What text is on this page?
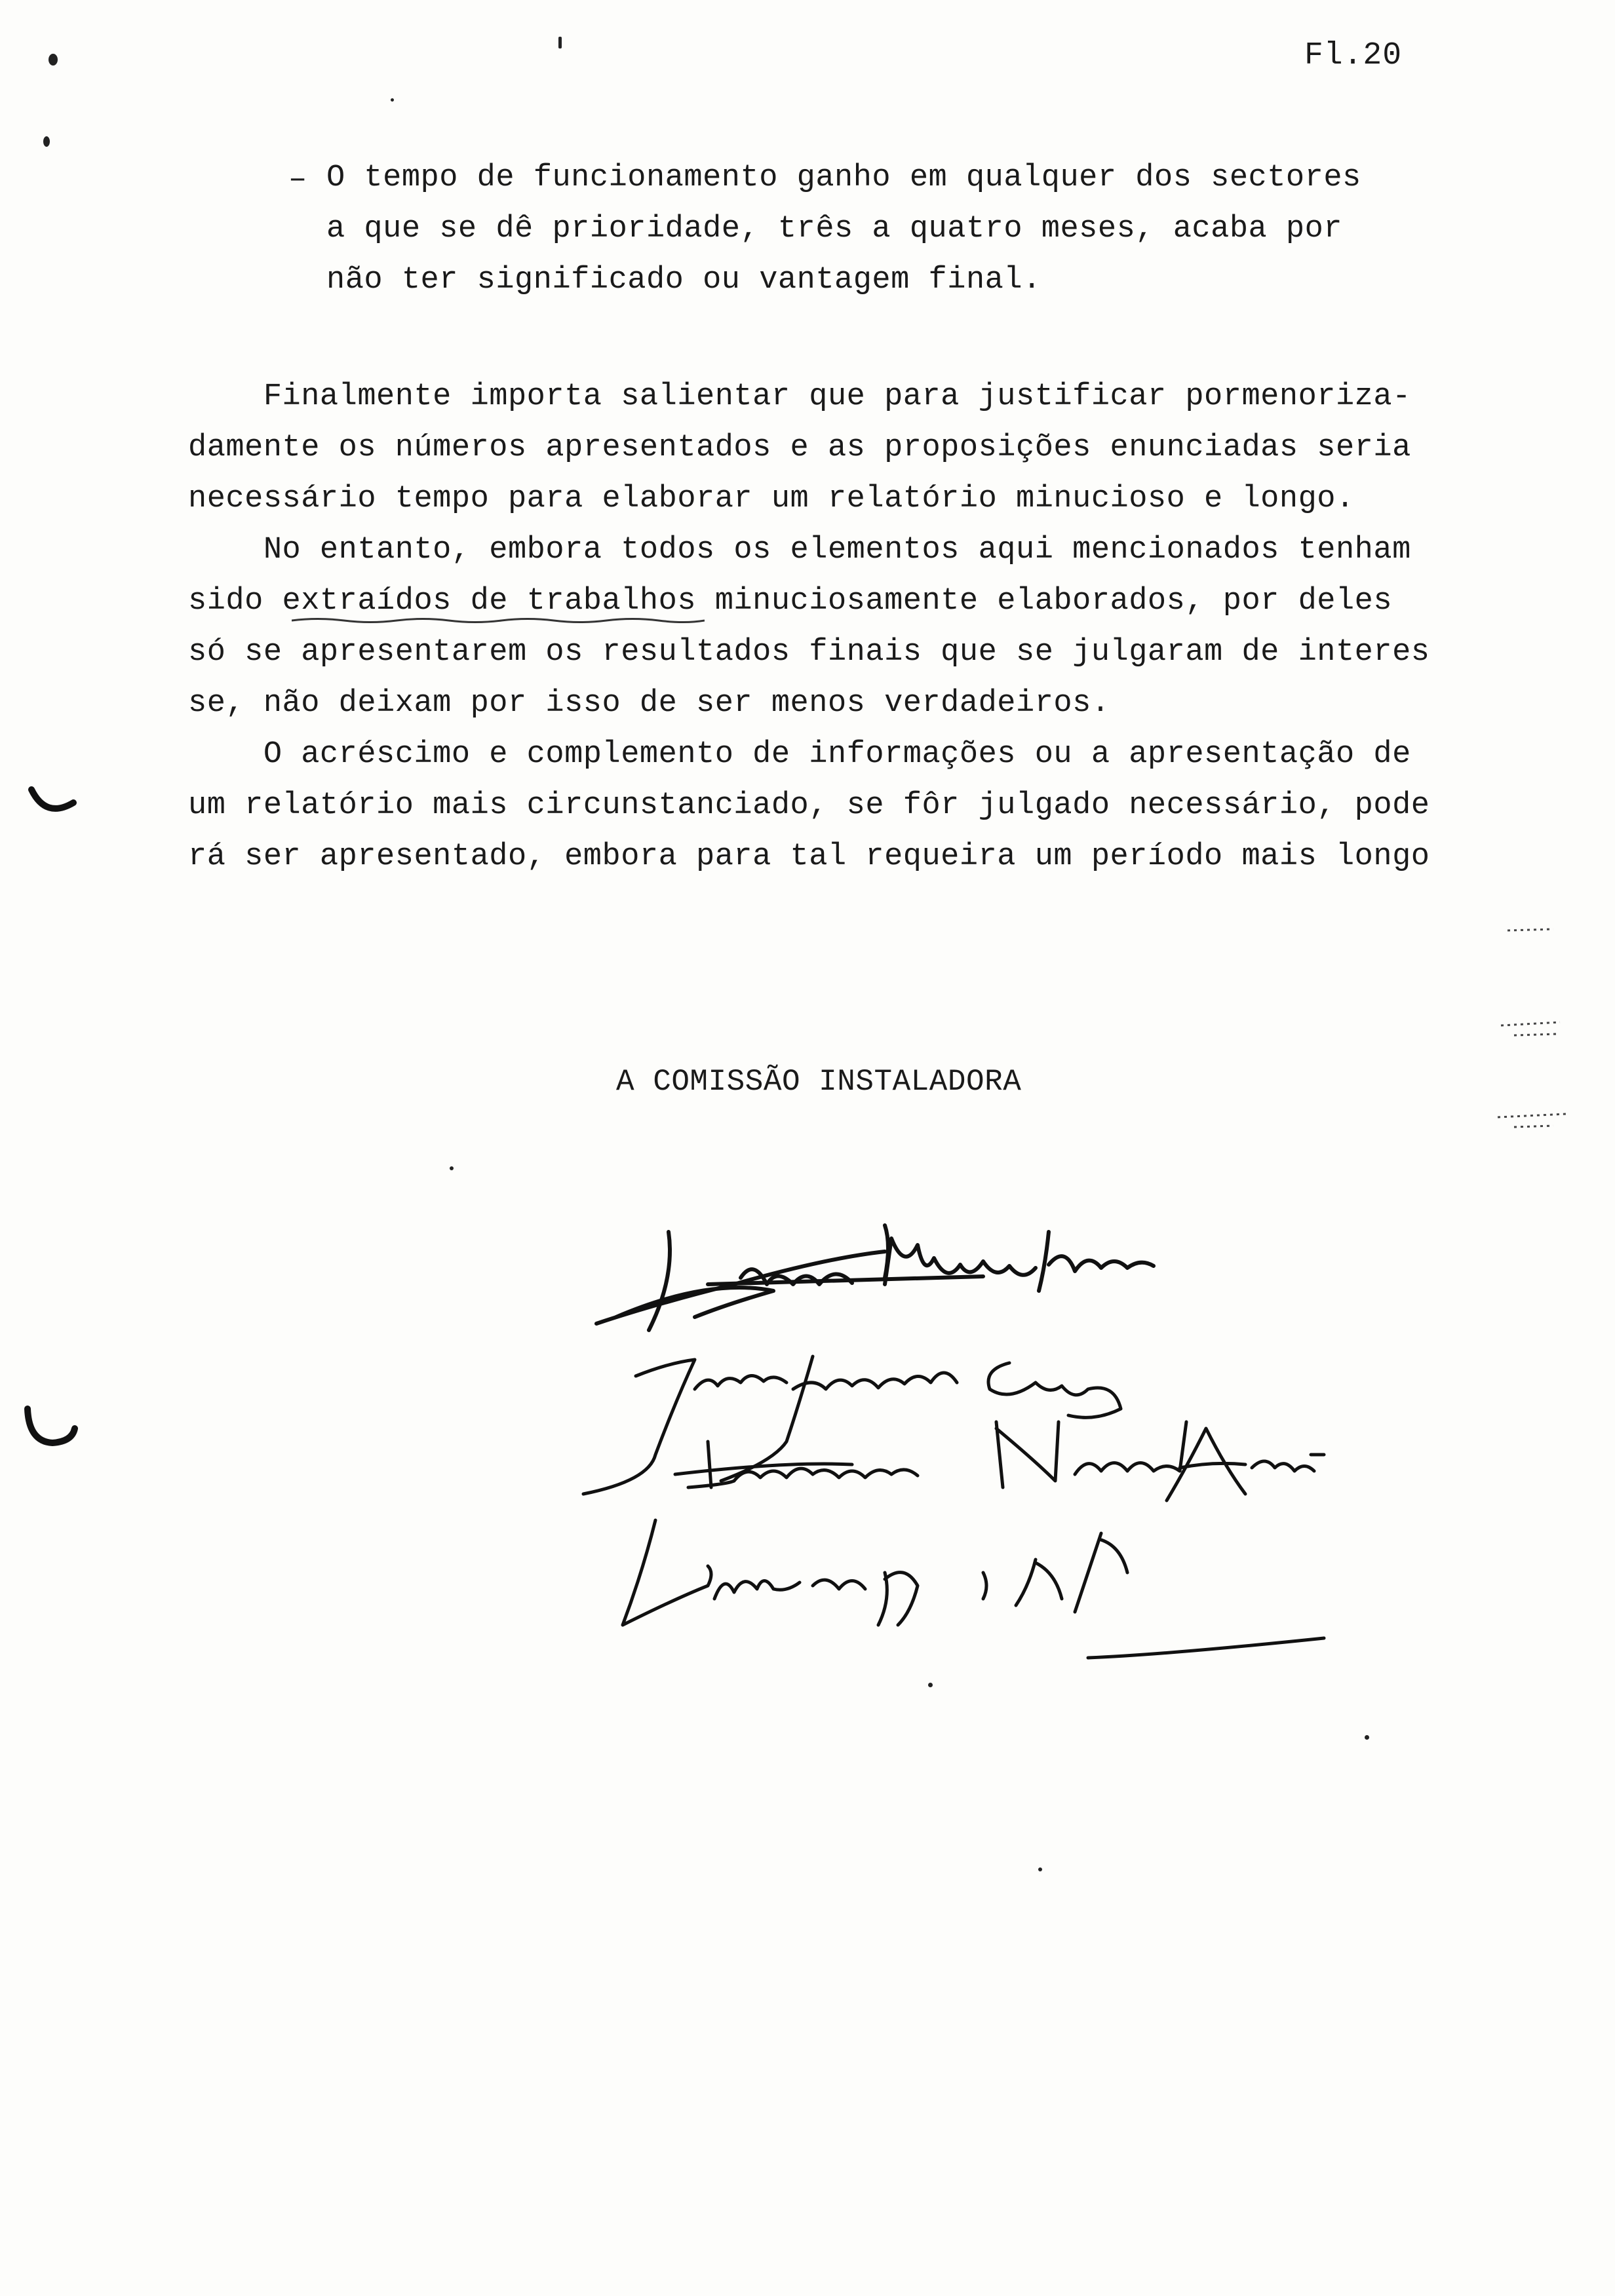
Fl.20
– O tempo de funcionamento ganho em qualquer dos sectores
a que se dê prioridade, três a quatro meses, acaba por
não ter significado ou vantagem final.
Finalmente importa salientar que para justificar pormenoriza-
damente os números apresentados e as proposições enunciadas seria
necessário tempo para elaborar um relatório minucioso e longo.
No entanto, embora todos os elementos aqui mencionados tenham
sido extraídos de trabalhos minuciosamente elaborados, por deles
só se apresentarem os resultados finais que se julgaram de interes
se, não deixam por isso de ser menos verdadeiros.
O acréscimo e complemento de informações ou a apresentação de
um relatório mais circunstanciado, se fôr julgado necessário, pode
rá ser apresentado, embora para tal requeira um período mais longo
A COMISSÃO INSTALADORA
